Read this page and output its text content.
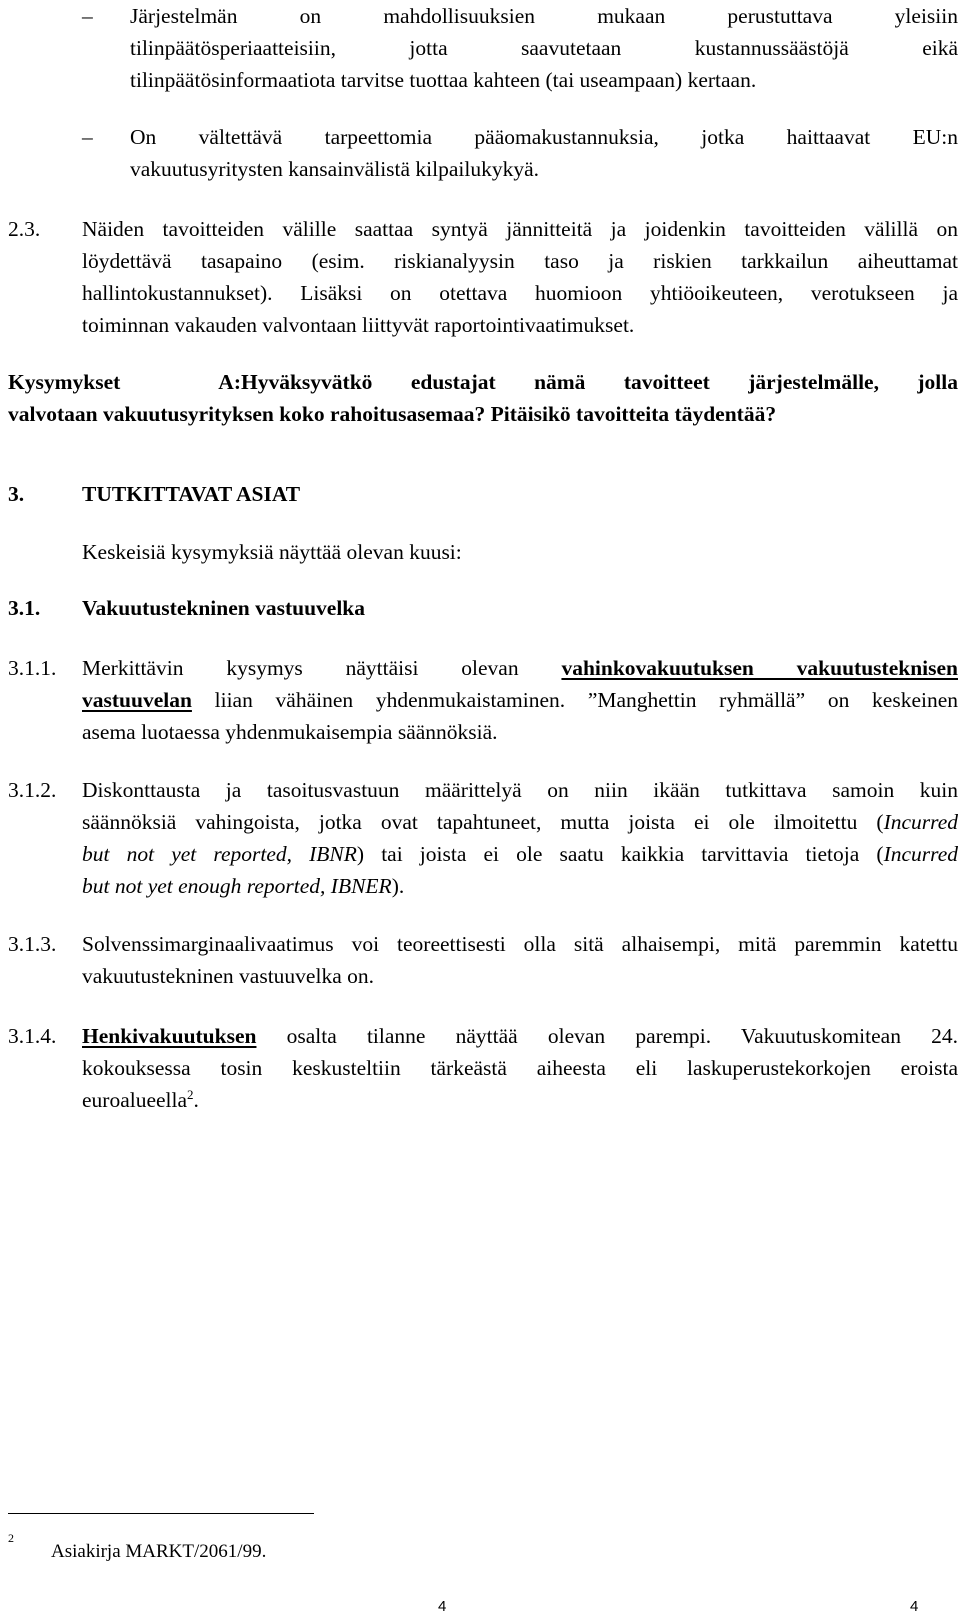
– Järjestelmän on mahdollisuuksien mukaan perustuttava yleisiin
tilinpäätösperiaatteisiin, jotta saavutetaan kustannussäästöjä eikä
tilinpäätösinformaatiota tarvitse tuottaa kahteen (tai useampaan) kertaan.
– On vältettävä tarpeettomia pääomakustannuksia, jotka haittaavat EU:n
vakuutusyritysten kansainvälistä kilpailukykyä.
2.3. Näiden tavoitteiden välille saattaa syntyä jännitteitä ja joidenkin tavoitteiden välillä on
löydettävä tasapaino (esim. riskianalyysin taso ja riskien tarkkailun aiheuttamat
hallintokustannukset). Lisäksi on otettava huomioon yhtiöoikeuteen, verotukseen ja
toiminnan vakauden valvontaan liittyvät raportointivaatimukset.
Kysymykset A:Hyväksyvätkö edustajat nämä tavoitteet järjestelmälle, jolla
valvotaan vakuutusyrityksen koko rahoitusasemaa? Pitäisikö tavoitteita täydentää?
3.	TUTKITTAVAT ASIAT
Keskeisiä kysymyksiä näyttää olevan kuusi:
3.1. Vakuutustekninen vastuuvelka
3.1.1. Merkittävin kysymys näyttäisi olevan vahinkovakuutuksen vakuutusteknisen
vastuuvelan liian vähäinen yhdenmukaistaminen. ”Manghettin ryhmällä” on keskeinen
asema luotaessa yhdenmukaisempia säännöksiä.
3.1.2. Diskonttausta ja tasoitusvastuun määrittelyä on niin ikään tutkittava samoin kuin
säännöksiä vahingoista, jotka ovat tapahtuneet, mutta joista ei ole ilmoitettu (Incurred
but not yet reported, IBNR) tai joista ei ole saatu kaikkia tarvittavia tietoja (Incurred
but not yet enough reported, IBNER).
3.1.3. Solvenssimarginaalivaatimus voi teoreettisesti olla sitä alhaisempi, mitä paremmin katettu
vakuutustekninen vastuuvelka on.
3.1.4. Henkivakuutuksen osalta tilanne näyttää olevan parempi. Vakuutuskomitean 24.
kokouksessa tosin keskusteltiin tärkeästä aiheesta eli laskuperustekorkojen eroista
euroalueella$^2$.
2
Asiakirja MARKT/2061/99.
4	4
